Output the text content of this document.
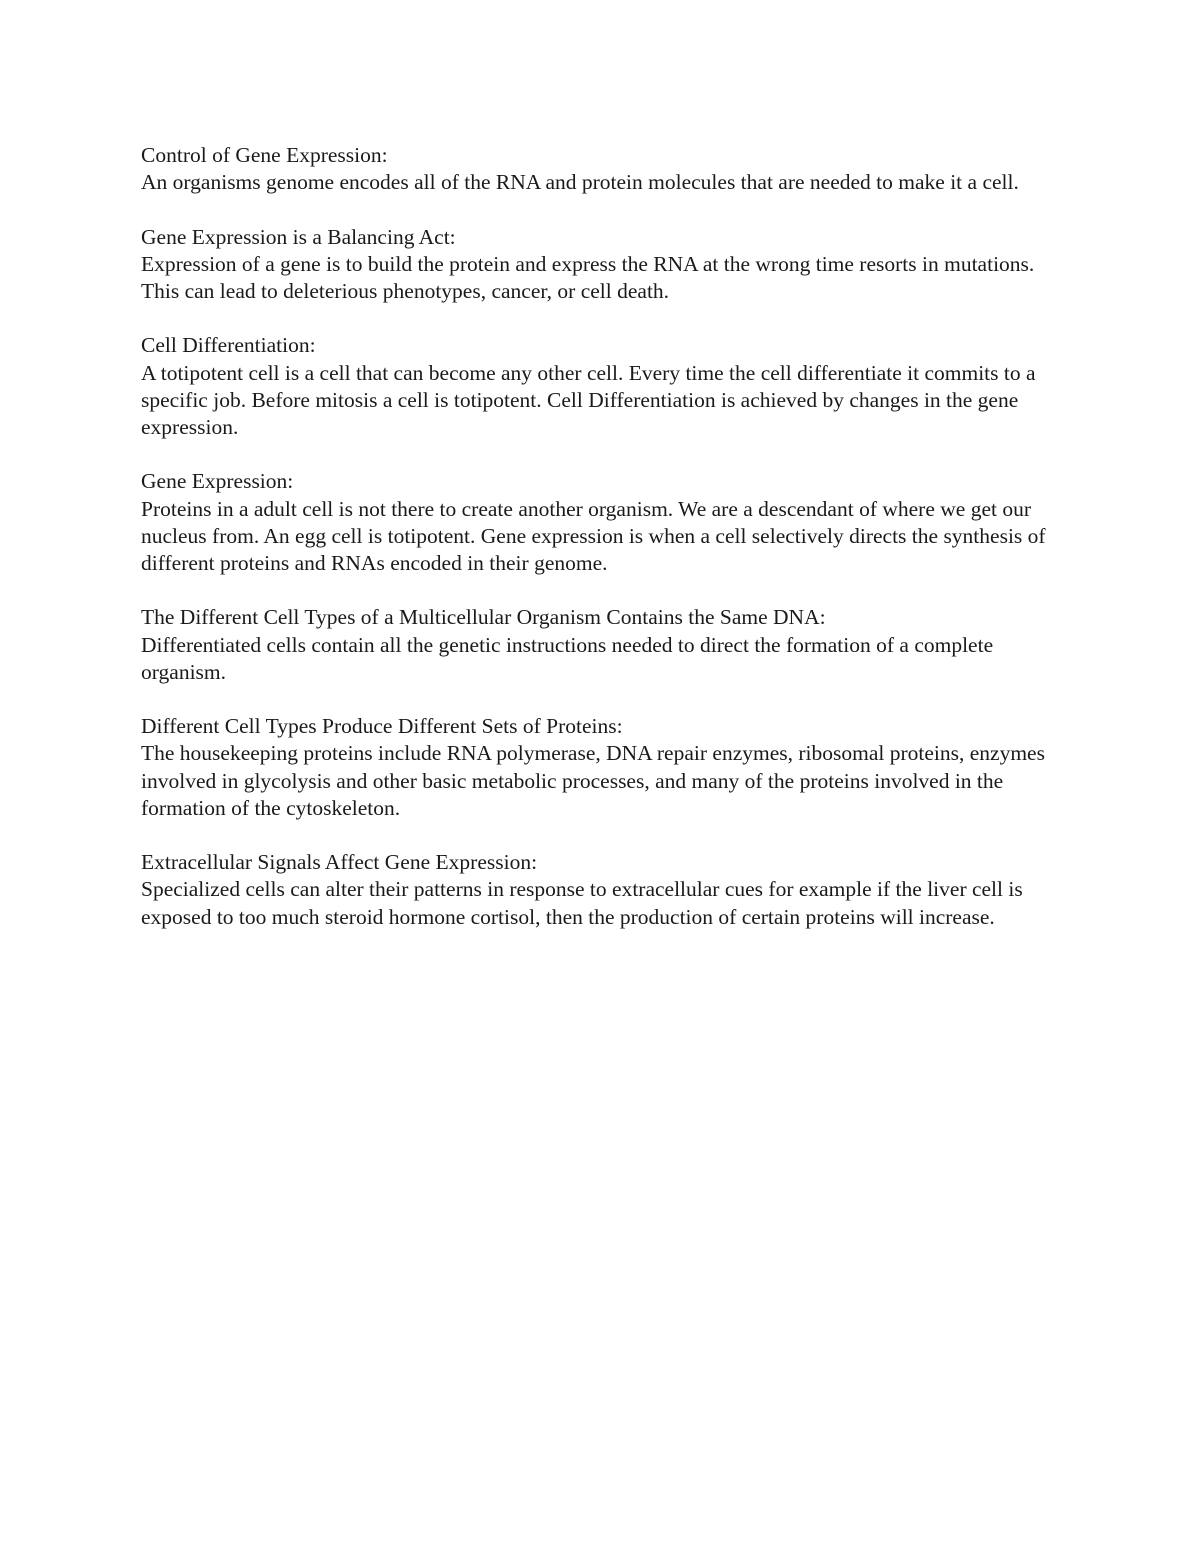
Control of Gene Expression:

An organisms genome encodes all of the RNA and protein molecules that are needed to make it a cell.

Gene Expression is a Balancing Act:

Expression of a gene is to build the protein and express the RNA at the wrong time resorts in mutations. This can lead to deleterious phenotypes, cancer, or cell death.

Cell Differentiation:

A totipotent cell is a cell that can become any other cell. Every time the cell differentiate it commits to a specific job. Before mitosis a cell is totipotent. Cell Differentiation is achieved by changes in the gene expression.

Gene Expression:

Proteins in a adult cell is not there to create another organism. We are a descendant of where we get our nucleus from. An egg cell is totipotent. Gene expression is when a cell selectively directs the synthesis of different proteins and RNAs encoded in their genome.

The Different Cell Types of a Multicellular Organism Contains the Same DNA:

Differentiated cells contain all the genetic instructions needed to direct the formation of a complete organism.

Different Cell Types Produce Different Sets of Proteins:

The housekeeping proteins include RNA polymerase, DNA repair enzymes, ribosomal proteins, enzymes involved in glycolysis and other basic metabolic processes, and many of the proteins involved in the formation of the cytoskeleton.

Extracellular Signals Affect Gene Expression:

Specialized cells can alter their patterns in response to extracellular cues for example if the liver cell is exposed to too much steroid hormone cortisol, then the production of certain proteins will increase.
